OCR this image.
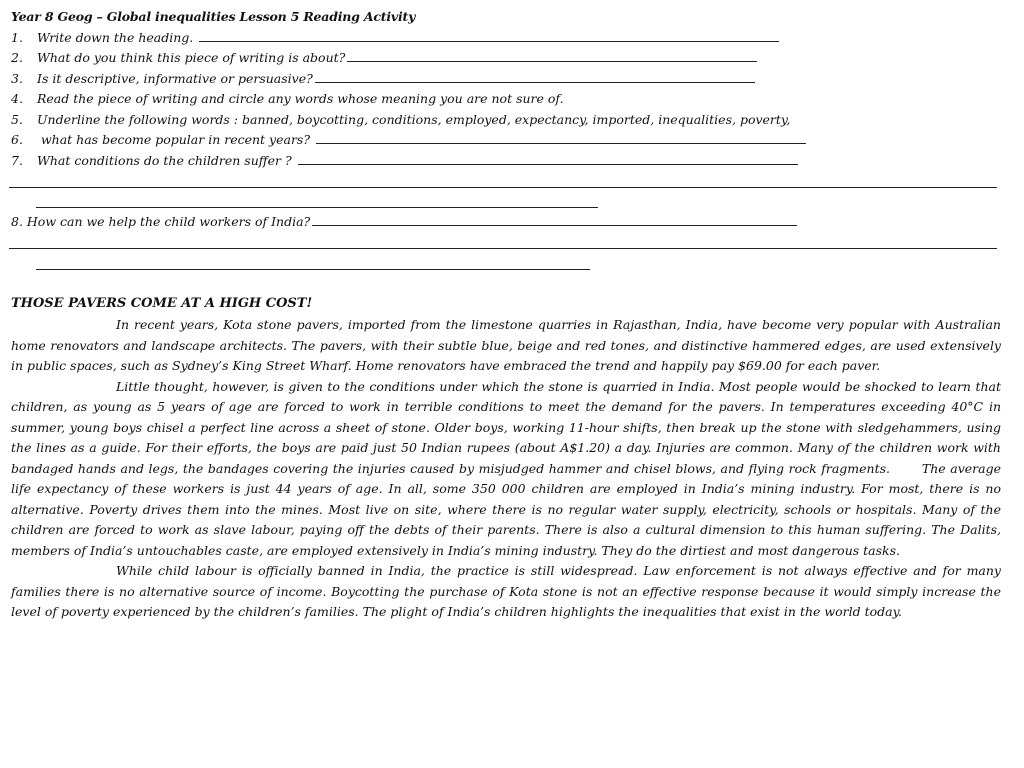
Year 8 Geog – Global inequalities Lesson 5 Reading Activity
1. Write down the heading.
2. What do you think this piece of writing is about?
3. Is it descriptive, informative or persuasive?
4. Read the piece of writing and circle any words whose meaning you are not sure of.
5. Underline the following words : banned, boycotting, conditions, employed, expectancy, imported, inequalities, poverty,
6. what has become popular in recent years?
7. What conditions do the children suffer ?
8. How can we help the child workers of India?
THOSE PAVERS COME AT A HIGH COST!

In recent years, Kota stone pavers, imported from the limestone quarries in Rajasthan, India, have become very popular with Australian home renovators and landscape architects. The pavers, with their subtle blue, beige and red tones, and distinctive hammered edges, are used extensively in public spaces, such as Sydney’s King Street Wharf. Home renovators have embraced the trend and happily pay $69.00 for each paver.

Little thought, however, is given to the conditions under which the stone is quarried in India. Most people would be shocked to learn that children, as young as 5 years of age are forced to work in terrible conditions to meet the demand for the pavers. In temperatures exceeding 40°C in summer, young boys chisel a perfect line across a sheet of stone. Older boys, working 11-hour shifts, then break up the stone with sledgehammers, using the lines as a guide. For their efforts, the boys are paid just 50 Indian rupees (about A$1.20) a day. Injuries are common. Many of the children work with bandaged hands and legs, the bandages covering the injuries caused by misjudged hammer and chisel blows, and flying rock fragments.       The average life expectancy of these workers is just 44 years of age. In all, some 350 000 children are employed in India’s mining industry. For most, there is no alternative. Poverty drives them into the mines. Most live on site, where there is no regular water supply, electricity, schools or hospitals. Many of the children are forced to work as slave labour, paying off the debts of their parents. There is also a cultural dimension to this human suffering. The Dalits, members of India’s untouchables caste, are employed extensively in India’s mining industry. They do the dirtiest and most dangerous tasks.

While child labour is officially banned in India, the practice is still widespread. Law enforcement is not always effective and for many families there is no alternative source of income. Boycotting the purchase of Kota stone is not an effective response because it would simply increase the level of poverty experienced by the children’s families. The plight of India’s children highlights the inequalities that exist in the world today.
